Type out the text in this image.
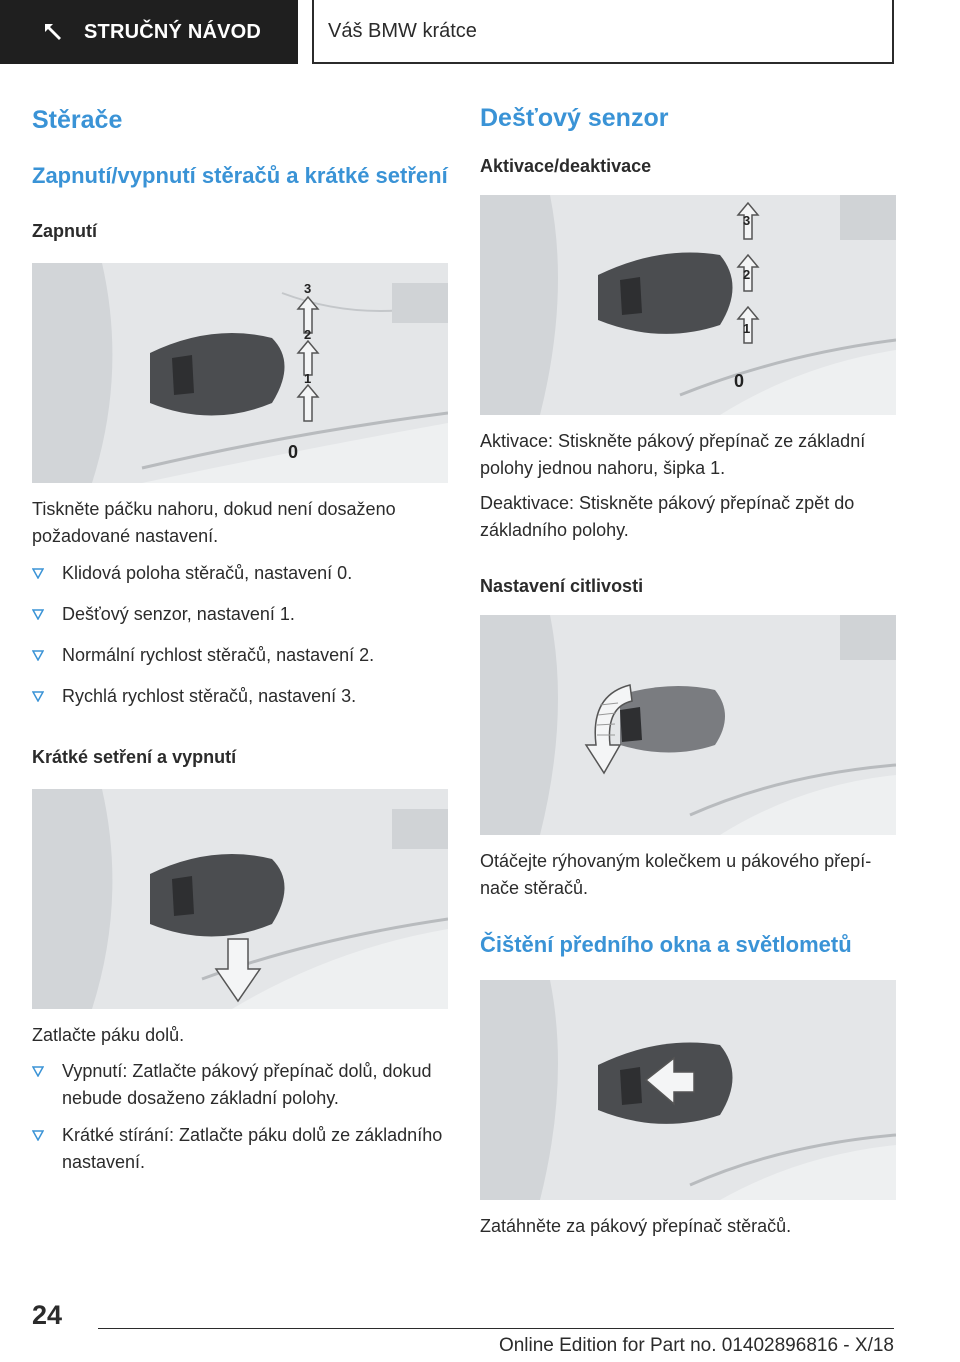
STRUČNÝ NÁVOD	Váš BMW krátce
Stěrače
Zapnutí/vypnutí stěračů a krátké setření
Zapnutí
3
2
1
0

Tiskněte páčku nahoru, dokud není dosaženo požadované nastavení.

Klidová poloha stěračů, nastavení 0.
Dešťový senzor, nastavení 1.
Normální rychlost stěračů, nastavení 2.
Rychlá rychlost stěračů, nastavení 3.
Krátké setření a vypnutí

Zatlačte páku dolů.

Vypnutí: Zatlačte pákový přepínač dolů, dokud nebude dosaženo základní polohy.
Krátké stírání: Zatlačte páku dolů ze základního nastavení.
Dešťový senzor
Aktivace/deaktivace
3
2
1
0

Aktivace: Stiskněte pákový přepínač ze základní polohy jednou nahoru, šipka 1.

Deaktivace: Stiskněte pákový přepínač zpět do základního polohy.

Nastavení citlivosti

Otáčejte rýhovaným kolečkem u pákového přepínače stěračů.

Čištění předního okna a světlometů

Zatáhněte za pákový přepínač stěračů.

24
Online Edition for Part no. 01402896816 - X/18
